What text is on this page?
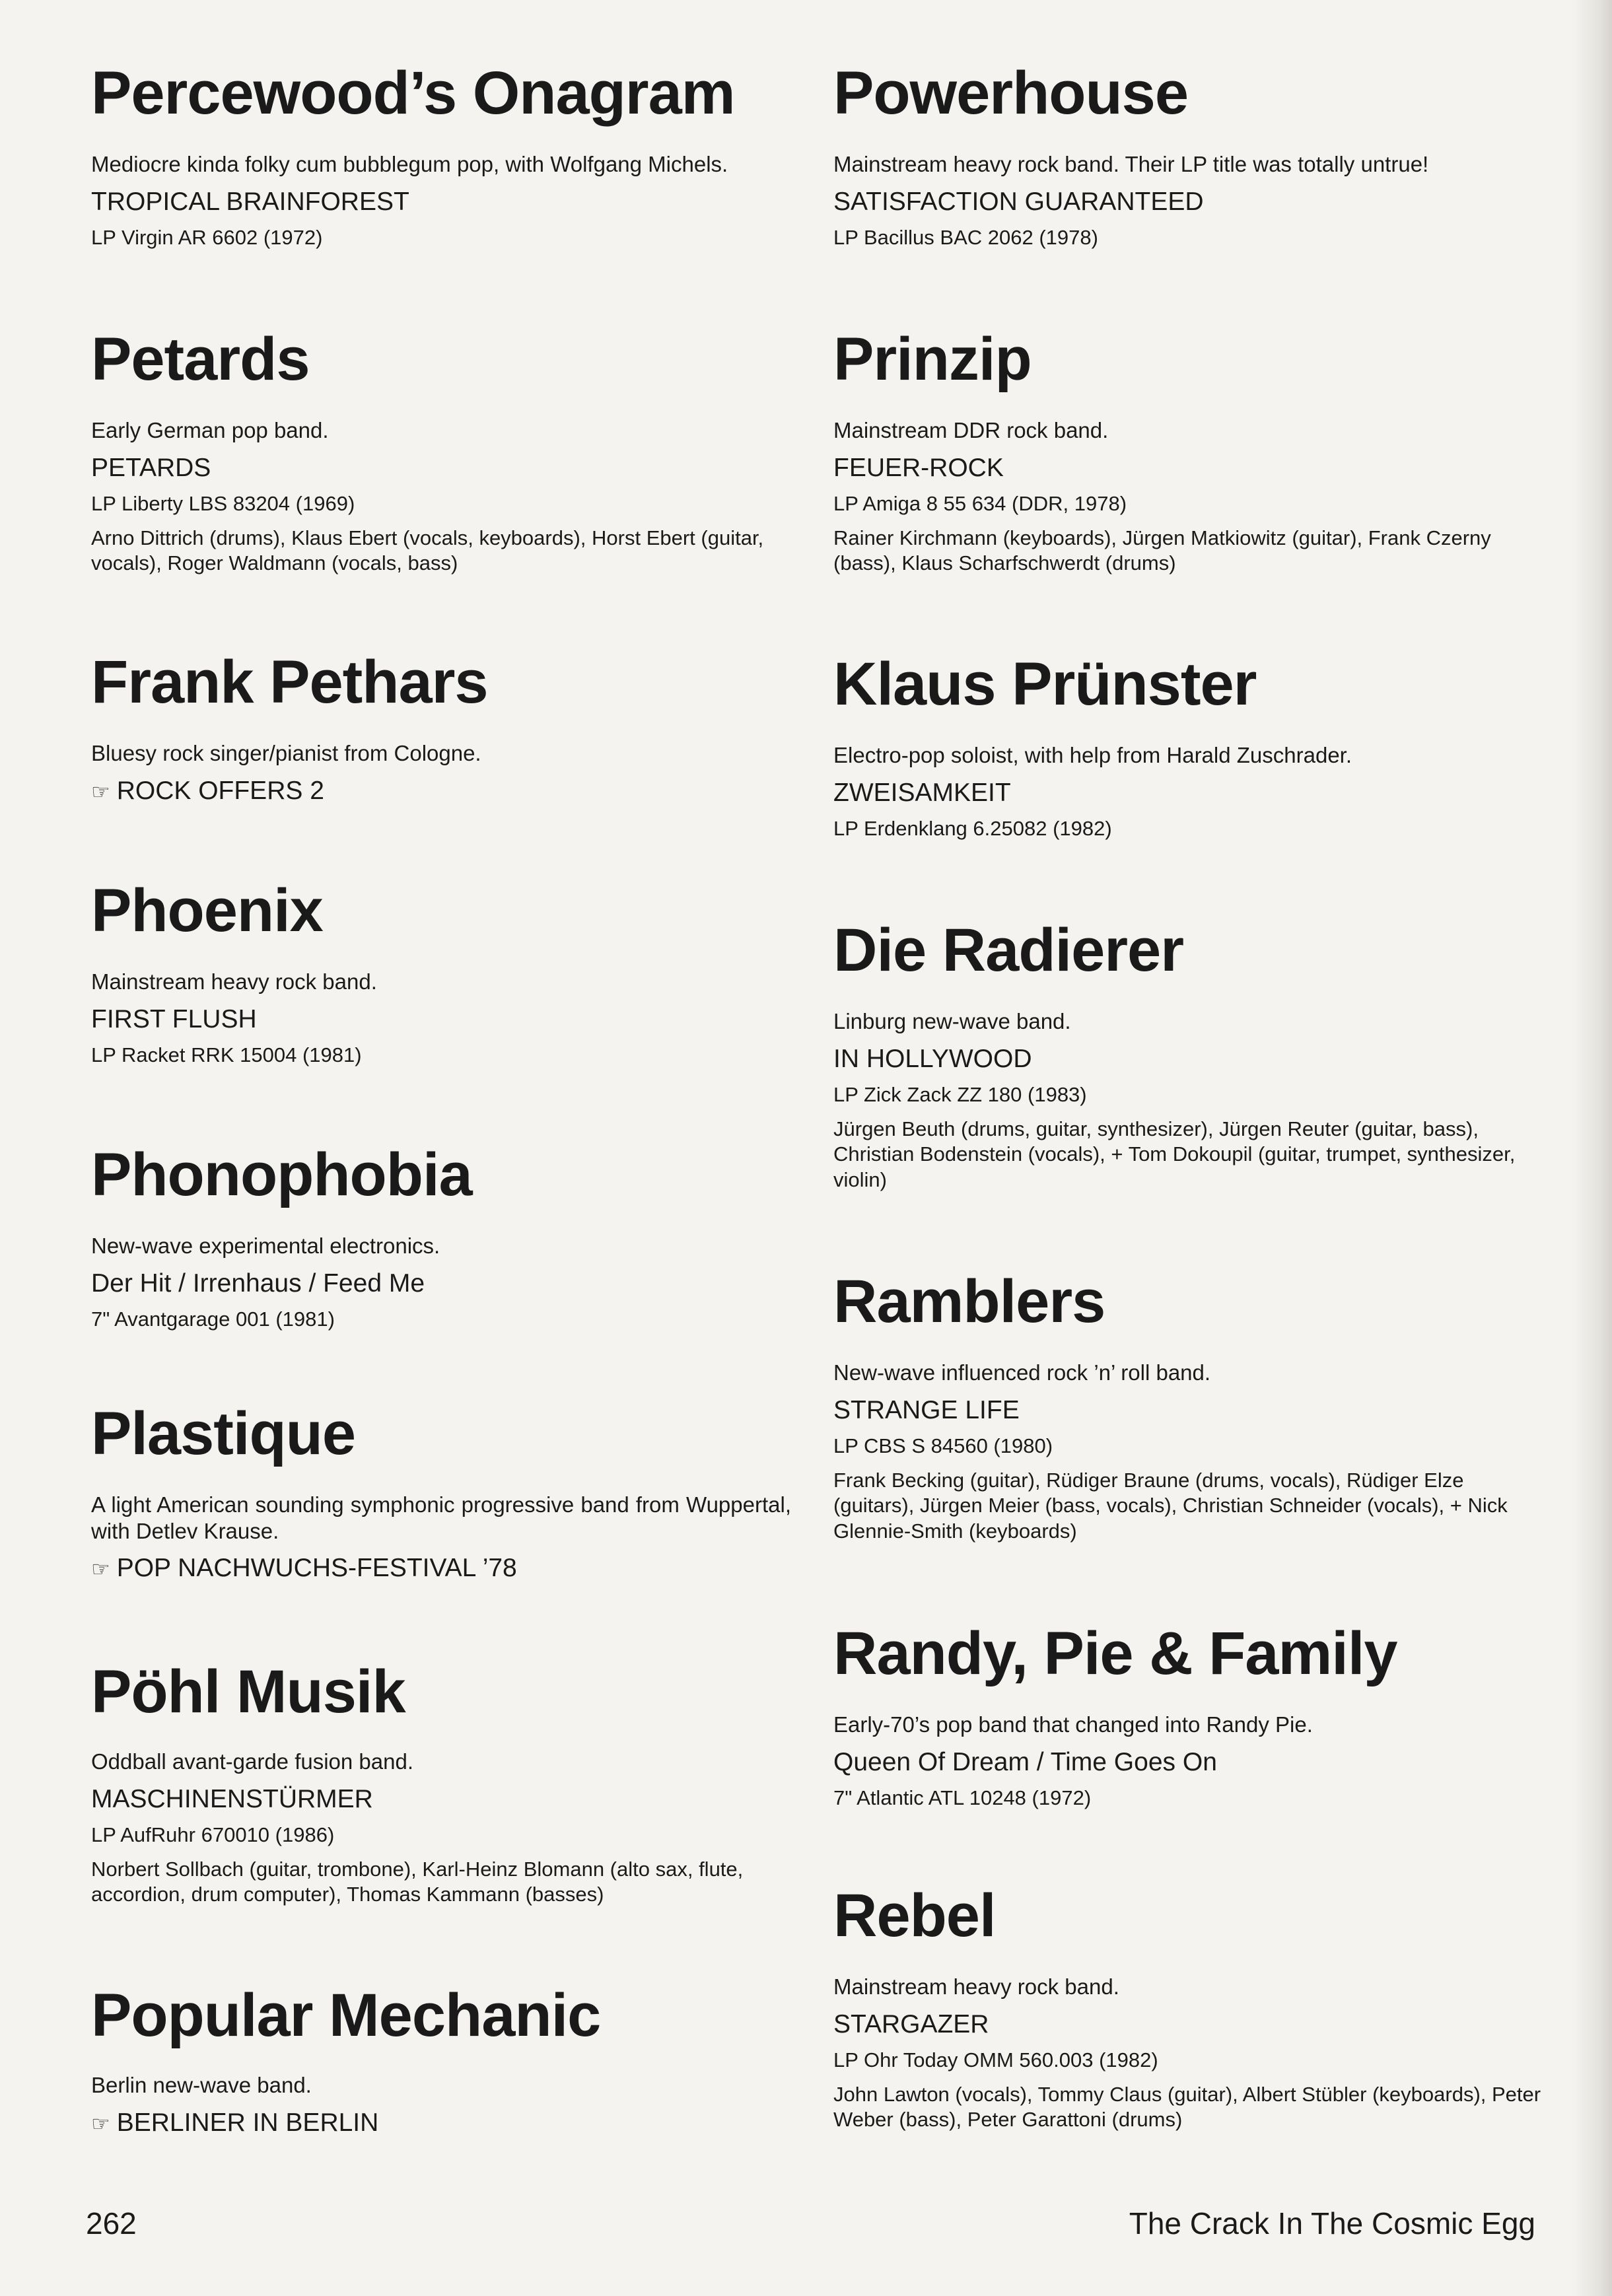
Percewood’s Onagram

Mediocre kinda folky cum bubblegum pop, with Wolfgang Michels.

TROPICAL BRAINFOREST

LP Virgin AR 6602 (1972)

Petards

Early German pop band.

PETARDS

LP Liberty LBS 83204 (1969)

Arno Dittrich (drums), Klaus Ebert (vocals, keyboards), Horst Ebert (guitar, vocals), Roger Waldmann (vocals, bass)

Frank Pethars

Bluesy rock singer/pianist from Cologne.

☞ ROCK OFFERS 2

Phoenix

Mainstream heavy rock band.

FIRST FLUSH

LP Racket RRK 15004 (1981)

Phonophobia

New-wave experimental electronics.

Der Hit / Irrenhaus / Feed Me

7" Avantgarage 001 (1981)

Plastique

A light American sounding symphonic progressive band from Wuppertal, with Detlev Krause.

☞ POP NACHWUCHS-FESTIVAL ’78

Pöhl Musik

Oddball avant-garde fusion band.

MASCHINENSTÜRMER

LP AufRuhr 670010 (1986)

Norbert Sollbach (guitar, trombone), Karl-Heinz Blomann (alto sax, flute, accordion, drum computer), Thomas Kammann (basses)

Popular Mechanic

Berlin new-wave band.

☞ BERLINER IN BERLIN

Powerhouse

Mainstream heavy rock band. Their LP title was totally untrue!

SATISFACTION GUARANTEED

LP Bacillus BAC 2062 (1978)

Prinzip

Mainstream DDR rock band.

FEUER-ROCK

LP Amiga 8 55 634 (DDR, 1978)

Rainer Kirchmann (keyboards), Jürgen Matkiowitz (guitar), Frank Czerny (bass), Klaus Scharfschwerdt (drums)

Klaus Prünster

Electro-pop soloist, with help from Harald Zuschrader.

ZWEISAMKEIT

LP Erdenklang 6.25082 (1982)

Die Radierer

Linburg new-wave band.

IN HOLLYWOOD

LP Zick Zack ZZ 180 (1983)

Jürgen Beuth (drums, guitar, synthesizer), Jürgen Reuter (guitar, bass), Christian Bodenstein (vocals), + Tom Dokoupil (guitar, trumpet, synthesizer, violin)

Ramblers

New-wave influenced rock ’n’ roll band.

STRANGE LIFE

LP CBS S 84560 (1980)

Frank Becking (guitar), Rüdiger Braune (drums, vocals), Rüdiger Elze (guitars), Jürgen Meier (bass, vocals), Christian Schneider (vocals), + Nick Glennie-Smith (keyboards)

Randy, Pie & Family

Early-70’s pop band that changed into Randy Pie.

Queen Of Dream / Time Goes On

7" Atlantic ATL 10248 (1972)

Rebel

Mainstream heavy rock band.

STARGAZER

LP Ohr Today OMM 560.003 (1982)

John Lawton (vocals), Tommy Claus (guitar), Albert Stübler (keyboards), Peter Weber (bass), Peter Garattoni (drums)

262	The Crack In The Cosmic Egg
